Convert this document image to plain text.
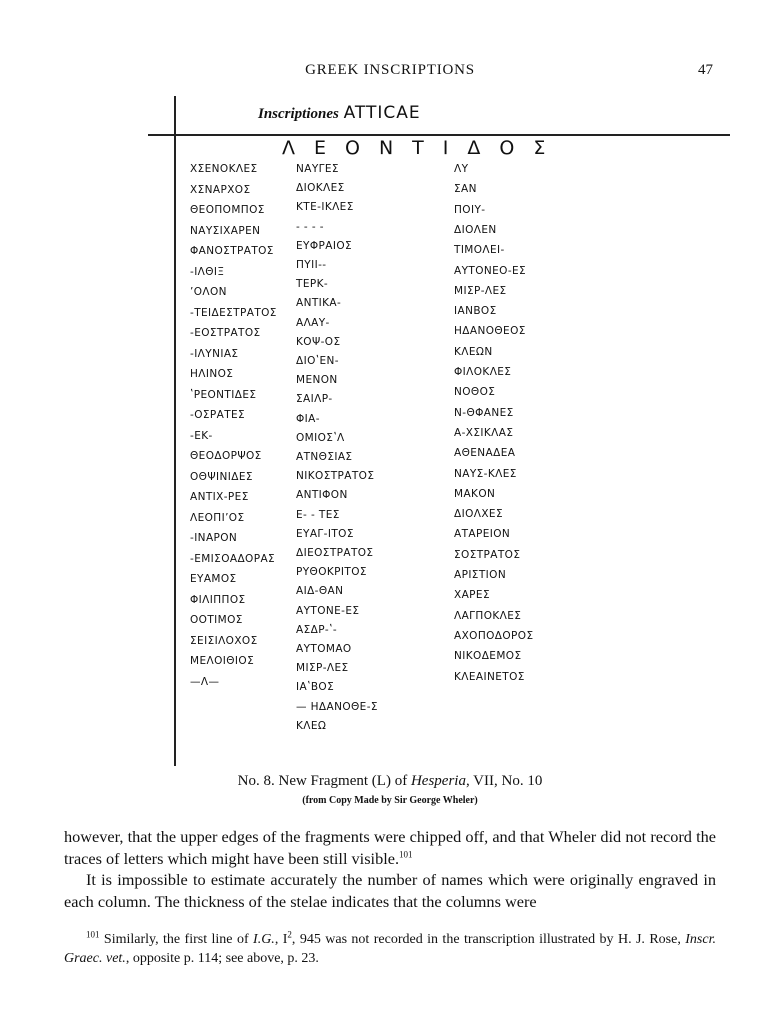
GREEK INSCRIPTIONS	47
Inscriptiones ATTICAE
ΛΕΟΝΤΙΔΟΣ
ΧΣΕΝΟΚΛΕΣ
ΧΣΝΑΡΧΟΣ
ΘΕΟΠΟΜΠΟΣ
ΝΑΥΣΙΧΑΡΕΝ
ΦΑΝΟΣΤΡΑΤΟΣ
-ΙΛΘΙΞ
ʼΟΛΟΝ
-ΤΕΙΔΕΣΤΡΑΤΟΣ
-ΕΟΣΤΡΑΤΟΣ
-ΙΛΥΝΙΑΣ
ΗΛΙΝΟΣ
ʽΡΕΟΝΤΙΔΕΣ
-ΟΣΡΑΤΕΣ
-ΕΚ-
ΘΕΟΔΟΡΨΟΣ
ΟΘΨΙΝΙΔΕΣ
ΑΝΤΙΧ-ΡΕΣ
ΛΕΟΠΙʼΟΣ
-ΙΝΑΡΟΝ
-ΕΜΙΣΟΑΔΟΡΑΣ
ΕΥΑΜΟΣ
ΦΙΛΙΠΠΟΣ
ΟΟΤΙΜΟΣ
ΣΕΙΣΙΛΟΧΟΣ
ΜΕΛΟΙΘΙΟΣ
—Λ—
ΝΑΥΓΕΣ
ΔΙΟΚΛΕΣ
ΚΤΕ-ΙΚΛΕΣ
- - - -
ΕΥΦΡΑΙΟΣ
ΠΥΙΙ--
ΤΕΡΚ-
ΑΝΤΙΚΑ-
ΑΛΑΥ-
ΚΟΨ-ΟΣ
ΔΙΟʽΕΝ-
ΜΕΝΟΝ
ΣΑΙΛΡ-
ΦΙΑ-
ΟΜΙΟΣʽΛ
ΑΤΝΘΣΙΑΣ
ΝΙΚΟΣΤΡΑΤΟΣ
ΑΝΤΙΦΟΝ
Ε- - ΤΕΣ
ΕΥΑΓ-ΙΤΟΣ
ΔΙΕΟΣΤΡΑΤΟΣ
ΡΥΘΟΚΡΙΤΟΣ
ΑΙΔ-ΘΑΝ
ΑΥΤΟΝΕ-ΕΣ
ΑΣΔΡ-ʽ-
ΑΥΤΟΜΑΟ
ΜΙΣΡ-ΛΕΣ
ΙΑʽΒΟΣ
— ΗΔΑΝΟΘΕ-Σ
ΚΛΕΩ
ΛΥ
ΣΑΝ
ΠΟΙΥ-
ΔΙΟΛΕΝ
ΤΙΜΟΛΕΙ-
ΑΥΤΟΝΕΟ-ΕΣ
ΜΙΣΡ-ΛΕΣ
ΙΑΝΒΟΣ
ΗΔΑΝΟΘΕΟΣ
ΚΛΕΩΝ
ΦΙΛΟΚΛΕΣ
ΝΟΘΟΣ
Ν-ΘΦΑΝΕΣ
Α-ΧΣΙΚΛΑΣ
ΑΘΕΝΑΔΕΑ
ΝΑΥΣ-ΚΛΕΣ
ΜΑΚΟΝ
ΔΙΟΛΧΕΣ
ΑΤΑΡΕΙΟΝ
ΣΟΣΤΡΑΤΟΣ
ΑΡΙΣΤΙΟΝ
ΧΑΡΕΣ
ΛΑΓΠΟΚΛΕΣ
ΑΧΟΠΟΔΟΡΟΣ
ΝΙΚΟΔΕΜΟΣ
ΚΛΕΑΙΝΕΤΟΣ
No. 8. New Fragment (L) of Hesperia, VII, No. 10
(from Copy Made by Sir George Wheler)

however, that the upper edges of the fragments were chipped off, and that Wheler did not record the traces of letters which might have been still visible.$^{101}$

It is impossible to estimate accurately the number of names which were originally engraved in each column. The thickness of the stelae indicates that the columns were

$^{101}$ Similarly, the first line of I.G., $I^2$, 945 was not recorded in the transcription illustrated by H. J. Rose, Inscr. Graec. vet., opposite p. 114; see above, p. 23.
